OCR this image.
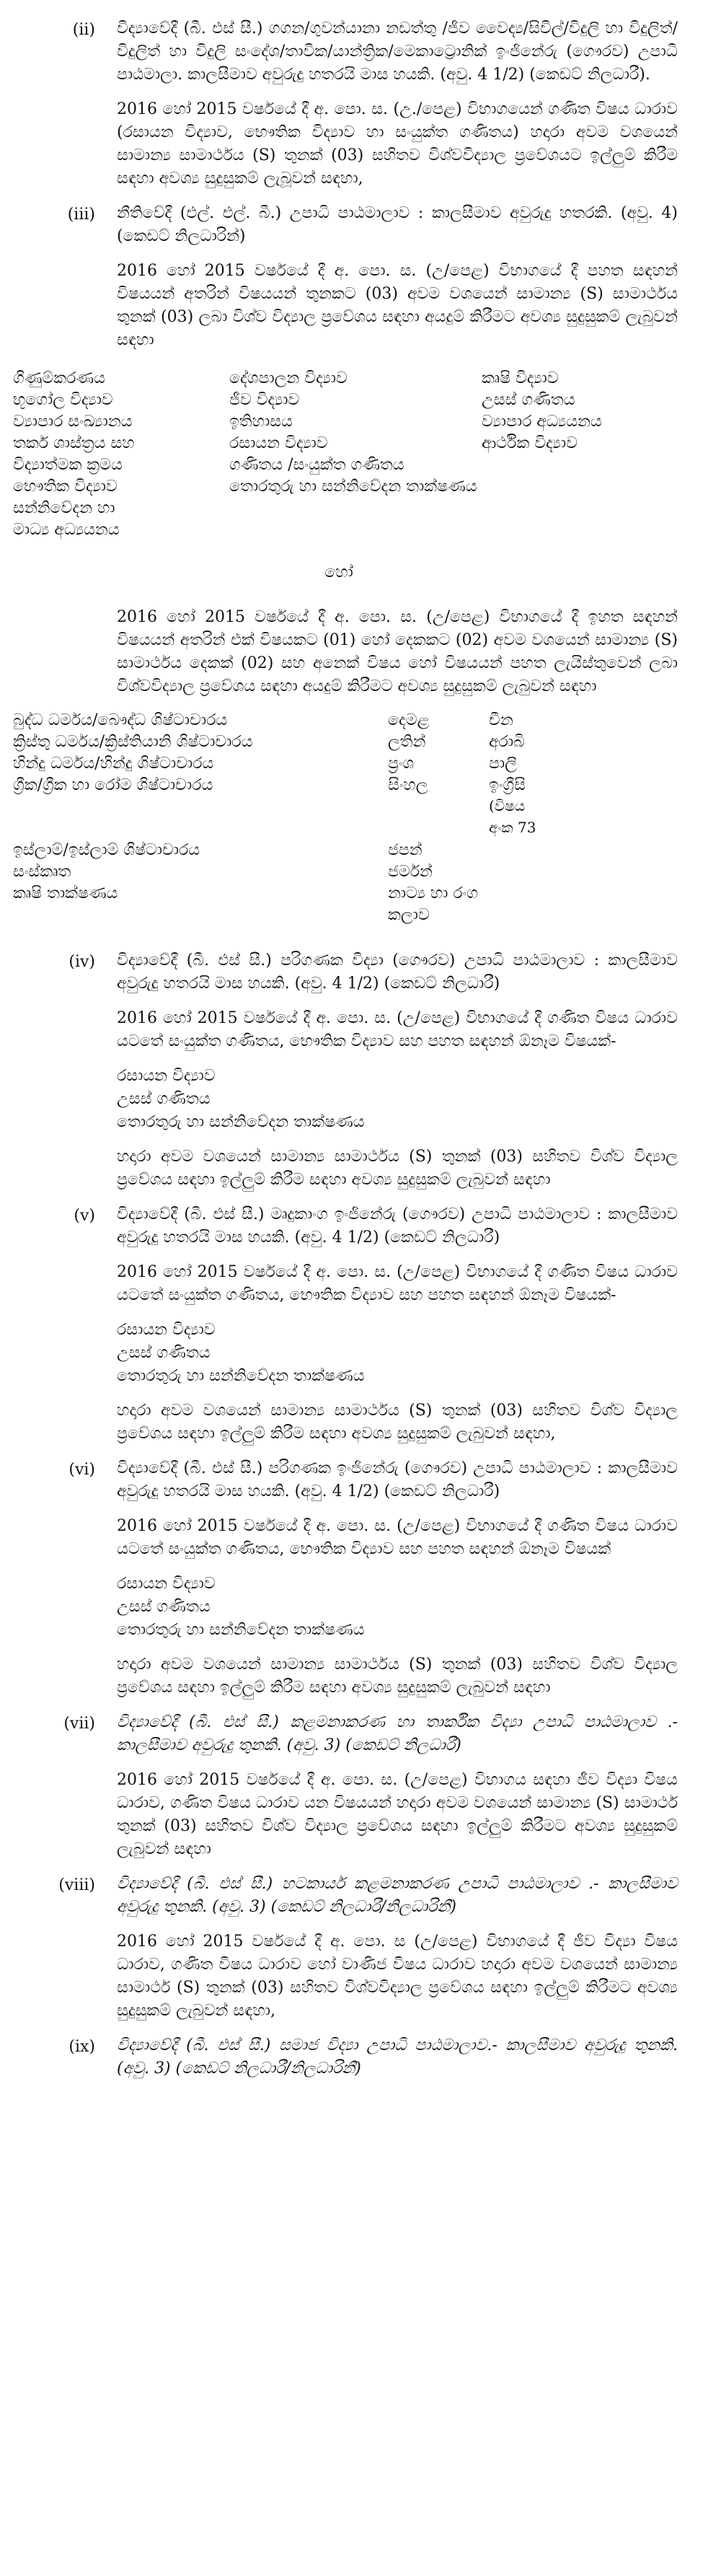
(ii)	විද්‍යාවේදී (බී. එස් සී.) ගගන/ගුවන්යානා නඩත්තු /ජීව වෛද්‍ය/සිවිල්/විදුලි හා විදුලිත්/විදුලිත් හා විදුලි සංදේශ/තාවික/යාන්ත්‍රික/මෙකාට්‍රොනික් ඉංජිනේරු (ගෞරව) උපාධි පාඨමාලා. කාලසීමාව අවුරුදු හතරයි මාස හයකි. (අවු. 4 1/2) (කෙඩට් නිලධාරී).

2016 හෝ 2015 වර්ෂයේ දී අ. පො. ස. (උ./පෙළ) විභාගයෙන් ගණිත විෂය ධාරාව (රසායන විද්‍යාව, භෞතික විද්‍යාව හා සංයුක්ත ගණිතය) හදාරා අවම වශයෙන් සාමාන්‍ය සාමාර්ථය (S) තුනක් (03) සහිතව විශ්වවිද්‍යාල ප්‍රවේශයට ඉල්ලුම් කිරීම සඳහා අවශ්‍ය සුදුසුකම් ලැබූවන් සඳහා,

(iii)	නීතිවේදී (එල්. එල්. බී.) උපාධි පාඨමාලාව : කාලසීමාව අවුරුදු හතරකි. (අවු. 4) (කෙඩට් නිලධාරින්)

2016 හෝ 2015 වර්ෂයේ දී අ. පො. ස. (උ/පෙළ) විභාගයේ දී පහත සඳහන් විෂයයන් අතරින් විෂයයන් තුනකට (03) අවම වශයෙන් සාමාන්‍ය (S) සාමාර්ථය තුනක් (03) ලබා විශ්ව විද්‍යාල ප්‍රවේශය සඳහා අයදුම් කිරීමට අවශ්‍ය සුදුසුකම් ලැබුවන් සඳහා

ගිණුම්කරණය	දේශපාලන විද්‍යාව	කෘෂි විද්‍යාව
භූගෝල විද්‍යාව	ජීව විද්‍යාව	උසස් ගණිතය
ව්‍යාපාර සංඛ්‍යානය	ඉතිහාසය	ව්‍යාපාර අධ්‍යයනය
තර්ක ශාස්ත්‍රය සහ	රසායන විද්‍යාව	ආර්ථික විද්‍යාව
විද්‍යාත්මක ක්‍රමය	ගණිතය /සංයුක්ත ගණිතය
භෞතික විද්‍යාව	තොරතුරු හා සන්නිවේදන තාක්ෂණය
සන්නිවේදන හා
මාධ්‍ය අධ්‍යයනය
හෝ

2016 හෝ 2015 වර්ෂයේ දී අ. පො. ස. (උ/පෙළ) විභාගයේ දී ඉහත සඳහන් විෂයයන් අතරින් එක් විෂයකට (01) හෝ දෙකකට (02) අවම වශයෙන් සාමාන්‍ය (S) සාමාර්ථය දෙකක් (02) සහ අනෙක් විෂය හෝ විෂයයන් පහත ලැයිස්තුවෙන් ලබා විශ්වවිද්‍යාල ප්‍රවේශය සඳහා අයදුම් කිරීමට අවශ්‍ය සුදුසුකම් ලැබුවන් සඳහා

බුද්ධ ධර්මය/බෞද්ධ ශිෂ්ටාචාරය	දෙමළ	චීන
ක්‍රිස්තු ධර්මය/ක්‍රිස්තියානි ශිෂ්ටාචාරය	ලතින්	අරාබි
හින්දු ධර්මය/හින්දු ශිෂ්ටාචාරය	ප්‍රංශ	පාලි
ග්‍රීක/ග්‍රීක හා රෝම ශිෂ්ටාචාරය	සිංහල	ඉංග්‍රීසි
(විෂය
අංක 73
ඉස්ලාම්/ඉස්ලාම් ශිෂ්ටාචාරය	ජපන්
සංස්කෘත	ජර්මන්
කෘෂි තාක්ෂණය	නාට්‍ය හා රංග කලාව
(iv)	විද්‍යාවේදී (බී. එස් සී.) පරිගණක විද්‍යා (ගෞරව) උපාධි පාඨමාලාව : කාලසීමාව අවුරුදු හතරයි මාස හයකි. (අවු. 4 1/2) (කෙඩට් නිලධාරී)

2016 හෝ 2015 වර්ෂයේ දී අ. පො. ස. (උ/පෙළ) විභාගයේ දී ගණිත විෂය ධාරාව යටතේ සංයුක්ත ගණිතය, භෞතික විද්‍යාව සහ පහත සඳහන් ඕනෑම විෂයක්-

රසායන විද්‍යාව
උසස් ගණිතය
තොරතුරු හා සන්නිවේදන තාක්ෂණය

හදාරා අවම වශයෙන් සාමාන්‍ය සාමාර්ථය (S) තුනක් (03) සහිතව විශ්ව විද්‍යාල ප්‍රවේශය සඳහා ඉල්ලුම් කිරීම සඳහා අවශ්‍ය සුදුසුකම් ලැබුවන් සඳහා

(v)	විද්‍යාවේදී (බී. එස් සී.) මෘදුකාංග ඉංජිනේරු (ගෞරව) උපාධි පාඨමාලාව : කාලසීමාව අවුරුදු හතරයි මාස හයකි. (අවු. 4 1/2) (කෙඩට් නිලධාරී)

2016 හෝ 2015 වර්ෂයේ දී අ. පො. ස. (උ/පෙළ) විභාගයේ දී ගණිත විෂය ධාරාව යටතේ සංයුක්ත ගණිතය, භෞතික විද්‍යාව සහ පහත සඳහන් ඕනෑම විෂයක්-

රසායන විද්‍යාව
උසස් ගණිතය
තොරතුරු හා සන්නිවේදන තාක්ෂණය

හදාරා අවම වශයෙන් සාමාන්‍ය සාමාර්ථය (S) තුනක් (03) සහිතව විශ්ව විද්‍යාල ප්‍රවේශය සඳහා ඉල්ලුම් කිරීම සඳහා අවශ්‍ය සුදුසුකම් ලැබුවන් සඳහා,

(vi)	විද්‍යාවේදී (බී. එස් සී.) පරිගණක ඉංජිනේරු (ගෞරව) උපාධි පාඨමාලාව : කාලසීමාව අවුරුදු හතරයි මාස හයකි. (අවු. 4 1/2) (කෙඩට් නිලධාරී)

2016 හෝ 2015 වර්ෂයේ දී අ. පො. ස. (උ/පෙළ) විභාගයේ දී ගණිත විෂය ධාරාව යටතේ සංයුක්ත ගණිතය, භෞතික විද්‍යාව සහ පහත සඳහන් ඕනෑම විෂයක්

රසායන විද්‍යාව
උසස් ගණිතය
තොරතුරු හා සන්නිවේදන තාක්ෂණය

හදාරා අවම වශයෙන් සාමාන්‍ය සාමාර්ථය (S) තුනක් (03) සහිතව විශ්ව විද්‍යාල ප්‍රවේශය සඳහා ඉල්ලුම් කිරීම සඳහා අවශ්‍ය සුදුසුකම් ලැබුවන් සඳහා

(vii)	විද්‍යාවේදී (බී. එස් සී.) කළමනාකරණ හා තාර්කික විද්‍යා උපාධි පාඨමාලාව .- කාලසීමාව අවුරුදු තුනකි. (අවු. 3) (කෙඩට් නිලධාරී)

2016 හෝ 2015 වර්ෂයේ දී අ. පො. ස. (උ/පෙළ) විභාගය සඳහා ජීව විද්‍යා විෂය ධාරාව, ගණිත විෂය ධාරාව යන විෂයයන් හදාරා අවම වශයෙන් සාමාන්‍ය (S) සාමාර්ථ තුනක් (03) සහිතව විශ්ව විද්‍යාල ප්‍රවේශය සඳහා ඉල්ලුම් කිරීමට අවශ්‍ය සුදුසුකම් ලැබුවන් සඳහා

(viii)	විද්‍යාවේදී (බී. එස් සී.) හටකාර්ය කළමනාකරණ උපාධි පාඨමාලාව .- කාලසීමාව අවුරුදු තුනකි. (අවු. 3) (කෙඩට් නිලධාරී/නිලධාරිනී)

2016 හෝ 2015 වර්ෂයේ දී අ. පො. ස (උ/පෙළ) විභාගයේ දී ජීව විද්‍යා විෂය ධාරාව, ගණිත විෂය ධාරාව හෝ වාණිජ විෂය ධාරාව හදාරා අවම වශයෙන් සාමාන්‍ය සාමාර්ථ (S) තුනක් (03) සහිතව විශ්වවිද්‍යාල ප්‍රවේශය සඳහා ඉල්ලුම් කිරීමට අවශ්‍ය සුදුසුකම් ලැබුවන් සඳහා,

(ix)	විද්‍යාවේදී (බී. එස් සී.) සමාජ විද්‍යා උපාධි පාඨමාලාව.- කාලසීමාව අවුරුදු තුනකි. (අවු. 3) (කෙඩට් නිලධාරී/නිලධාරිනී)
